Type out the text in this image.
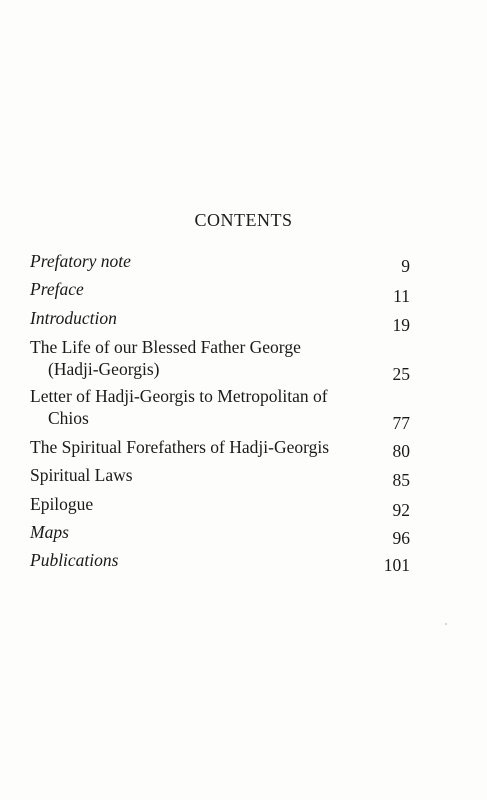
CONTENTS
Prefatory note	9
Preface	11
Introduction	19
The Life of our Blessed Father George
(Hadji-Georgis)	25
Letter of Hadji-Georgis to Metropolitan of
Chios	77
The Spiritual Forefathers of Hadji-Georgis	80
Spiritual Laws	85
Epilogue	92
Maps	96
Publications	101
